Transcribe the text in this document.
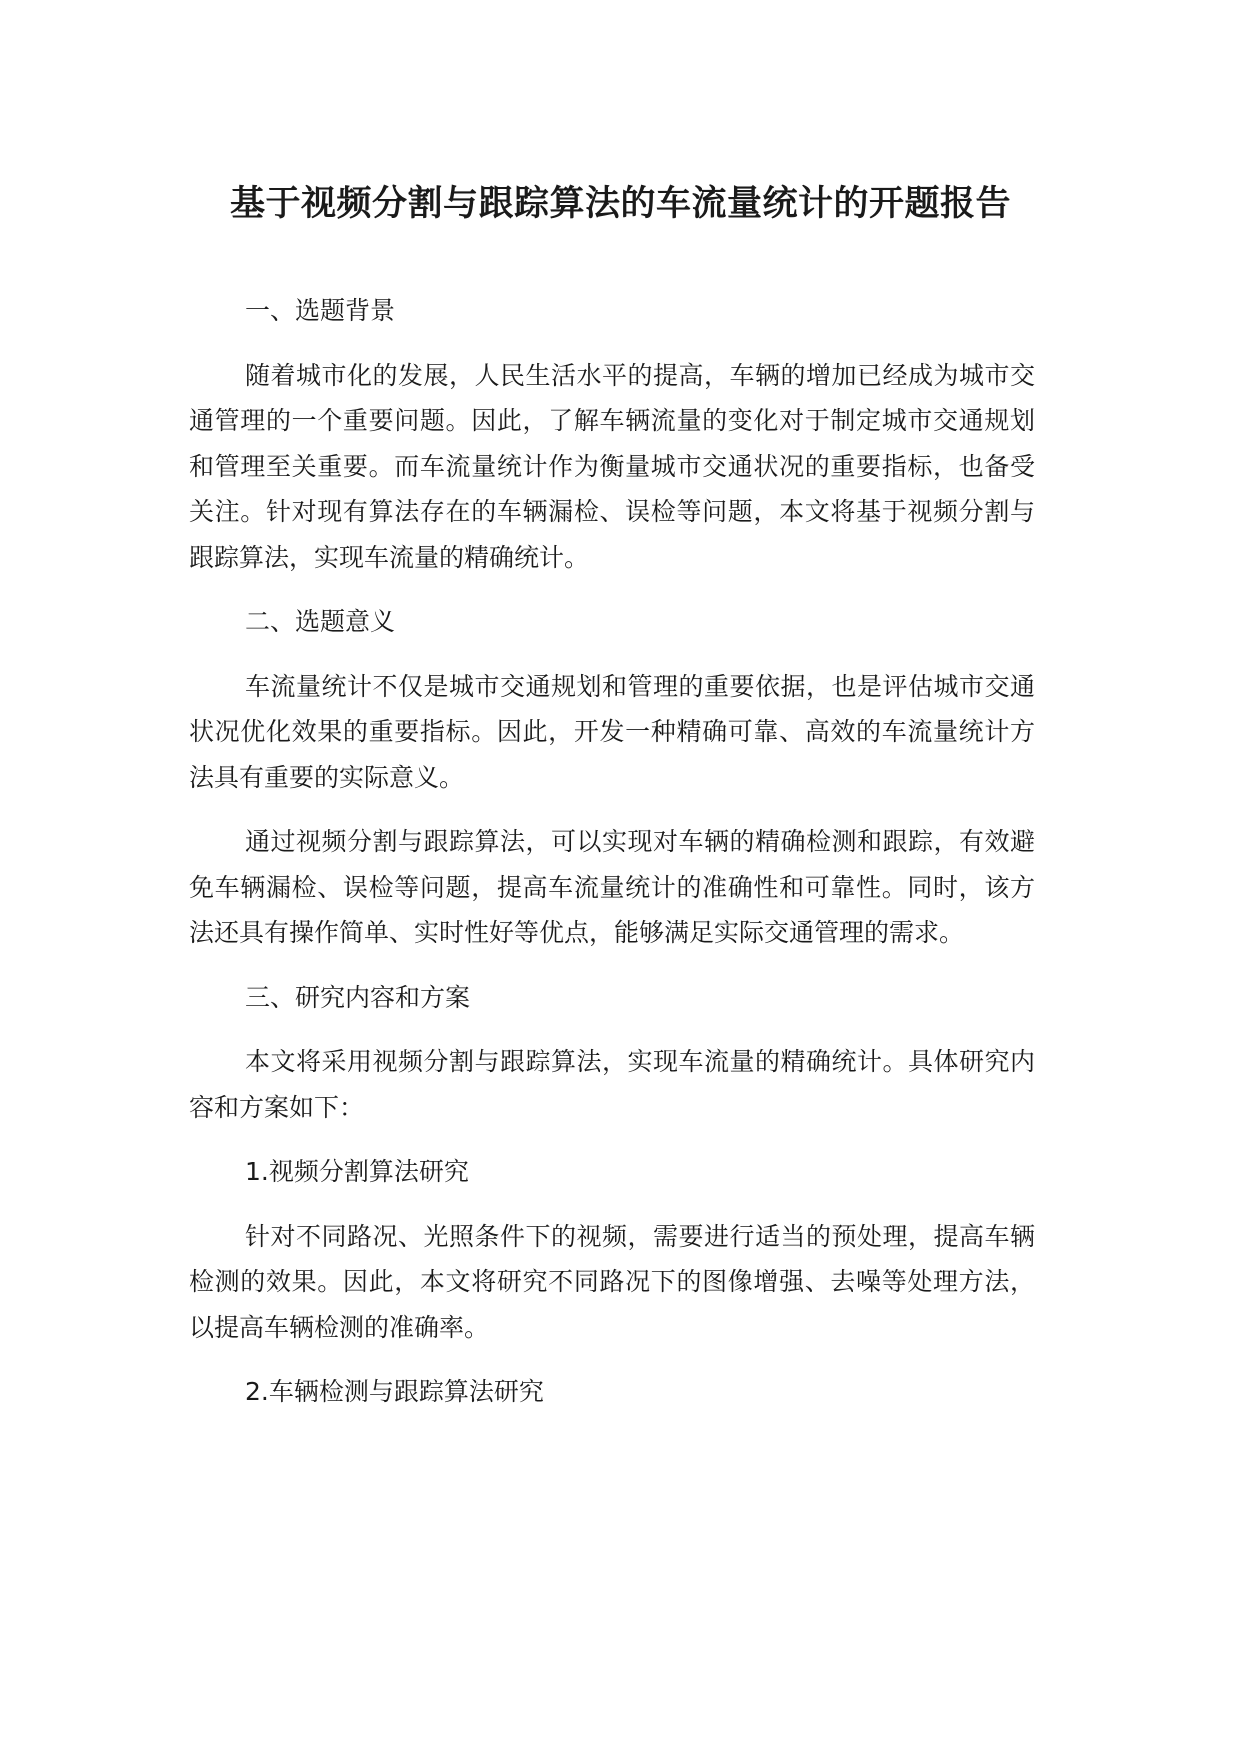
基于视频分割与跟踪算法的车流量统计的开题报告

一、选题背景

随着城市化的发展，人民生活水平的提高，车辆的增加已经成为城市交通管理的一个重要问题。因此，了解车辆流量的变化对于制定城市交通规划和管理至关重要。而车流量统计作为衡量城市交通状况的重要指标，也备受关注。针对现有算法存在的车辆漏检、误检等问题，本文将基于视频分割与跟踪算法，实现车流量的精确统计。

二、选题意义

车流量统计不仅是城市交通规划和管理的重要依据，也是评估城市交通状况优化效果的重要指标。因此，开发一种精确可靠、高效的车流量统计方法具有重要的实际意义。

通过视频分割与跟踪算法，可以实现对车辆的精确检测和跟踪，有效避免车辆漏检、误检等问题，提高车流量统计的准确性和可靠性。同时，该方法还具有操作简单、实时性好等优点，能够满足实际交通管理的需求。

三、研究内容和方案

本文将采用视频分割与跟踪算法，实现车流量的精确统计。具体研究内容和方案如下：

1.视频分割算法研究

针对不同路况、光照条件下的视频，需要进行适当的预处理，提高车辆检测的效果。因此，本文将研究不同路况下的图像增强、去噪等处理方法，以提高车辆检测的准确率。

2.车辆检测与跟踪算法研究
